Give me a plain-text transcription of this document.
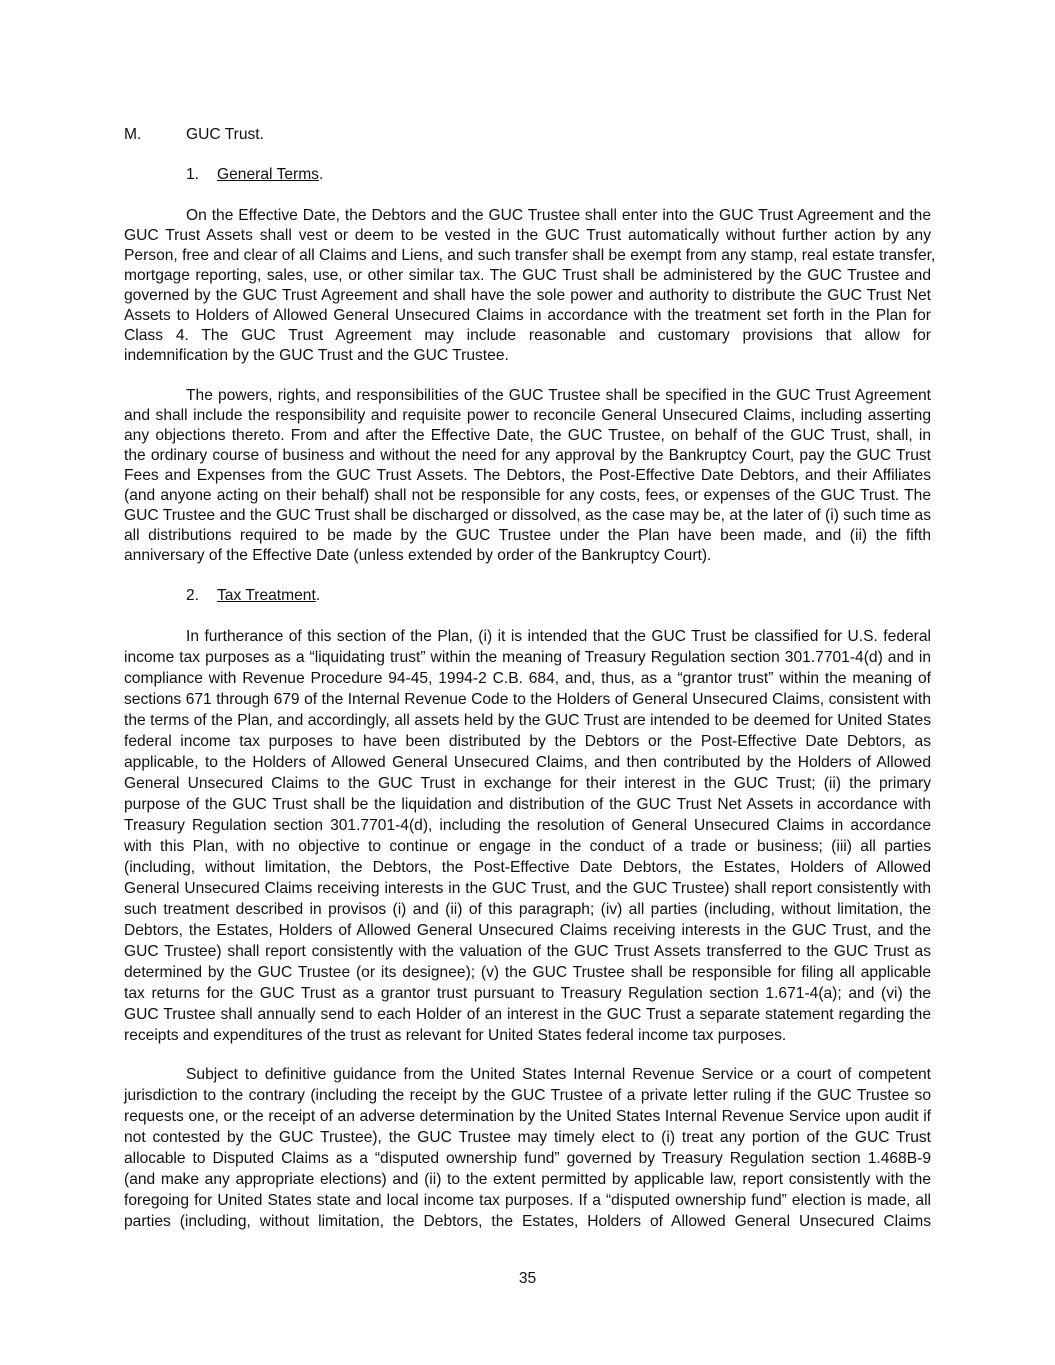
M.	GUC Trust.
1. General Terms.
On the Effective Date, the Debtors and the GUC Trustee shall enter into the GUC Trust Agreement and the
GUC Trust Assets shall vest or deem to be vested in the GUC Trust automatically without further action by any
Person, free and clear of all Claims and Liens, and such transfer shall be exempt from any stamp, real estate transfer,
mortgage reporting, sales, use, or other similar tax. The GUC Trust shall be administered by the GUC Trustee and
governed by the GUC Trust Agreement and shall have the sole power and authority to distribute the GUC Trust Net
Assets to Holders of Allowed General Unsecured Claims in accordance with the treatment set forth in the Plan for
Class 4. The GUC Trust Agreement may include reasonable and customary provisions that allow for
indemnification by the GUC Trust and the GUC Trustee.
The powers, rights, and responsibilities of the GUC Trustee shall be specified in the GUC Trust Agreement
and shall include the responsibility and requisite power to reconcile General Unsecured Claims, including asserting
any objections thereto. From and after the Effective Date, the GUC Trustee, on behalf of the GUC Trust, shall, in
the ordinary course of business and without the need for any approval by the Bankruptcy Court, pay the GUC Trust
Fees and Expenses from the GUC Trust Assets. The Debtors, the Post-Effective Date Debtors, and their Affiliates
(and anyone acting on their behalf) shall not be responsible for any costs, fees, or expenses of the GUC Trust. The
GUC Trustee and the GUC Trust shall be discharged or dissolved, as the case may be, at the later of (i) such time as
all distributions required to be made by the GUC Trustee under the Plan have been made, and (ii) the fifth
anniversary of the Effective Date (unless extended by order of the Bankruptcy Court).
2. Tax Treatment.
In furtherance of this section of the Plan, (i) it is intended that the GUC Trust be classified for U.S. federal
income tax purposes as a “liquidating trust” within the meaning of Treasury Regulation section 301.7701-4(d) and in
compliance with Revenue Procedure 94-45, 1994-2 C.B. 684, and, thus, as a “grantor trust” within the meaning of
sections 671 through 679 of the Internal Revenue Code to the Holders of General Unsecured Claims, consistent with
the terms of the Plan, and accordingly, all assets held by the GUC Trust are intended to be deemed for United States
federal income tax purposes to have been distributed by the Debtors or the Post-Effective Date Debtors, as
applicable, to the Holders of Allowed General Unsecured Claims, and then contributed by the Holders of Allowed
General Unsecured Claims to the GUC Trust in exchange for their interest in the GUC Trust; (ii) the primary
purpose of the GUC Trust shall be the liquidation and distribution of the GUC Trust Net Assets in accordance with
Treasury Regulation section 301.7701-4(d), including the resolution of General Unsecured Claims in accordance
with this Plan, with no objective to continue or engage in the conduct of a trade or business; (iii) all parties
(including, without limitation, the Debtors, the Post-Effective Date Debtors, the Estates, Holders of Allowed
General Unsecured Claims receiving interests in the GUC Trust, and the GUC Trustee) shall report consistently with
such treatment described in provisos (i) and (ii) of this paragraph; (iv) all parties (including, without limitation, the
Debtors, the Estates, Holders of Allowed General Unsecured Claims receiving interests in the GUC Trust, and the
GUC Trustee) shall report consistently with the valuation of the GUC Trust Assets transferred to the GUC Trust as
determined by the GUC Trustee (or its designee); (v) the GUC Trustee shall be responsible for filing all applicable
tax returns for the GUC Trust as a grantor trust pursuant to Treasury Regulation section 1.671-4(a); and (vi) the
GUC Trustee shall annually send to each Holder of an interest in the GUC Trust a separate statement regarding the
receipts and expenditures of the trust as relevant for United States federal income tax purposes.
Subject to definitive guidance from the United States Internal Revenue Service or a court of competent
jurisdiction to the contrary (including the receipt by the GUC Trustee of a private letter ruling if the GUC Trustee so
requests one, or the receipt of an adverse determination by the United States Internal Revenue Service upon audit if
not contested by the GUC Trustee), the GUC Trustee may timely elect to (i) treat any portion of the GUC Trust
allocable to Disputed Claims as a “disputed ownership fund” governed by Treasury Regulation section 1.468B-9
(and make any appropriate elections) and (ii) to the extent permitted by applicable law, report consistently with the
foregoing for United States state and local income tax purposes. If a “disputed ownership fund” election is made, all
parties (including, without limitation, the Debtors, the Estates, Holders of Allowed General Unsecured Claims
35
